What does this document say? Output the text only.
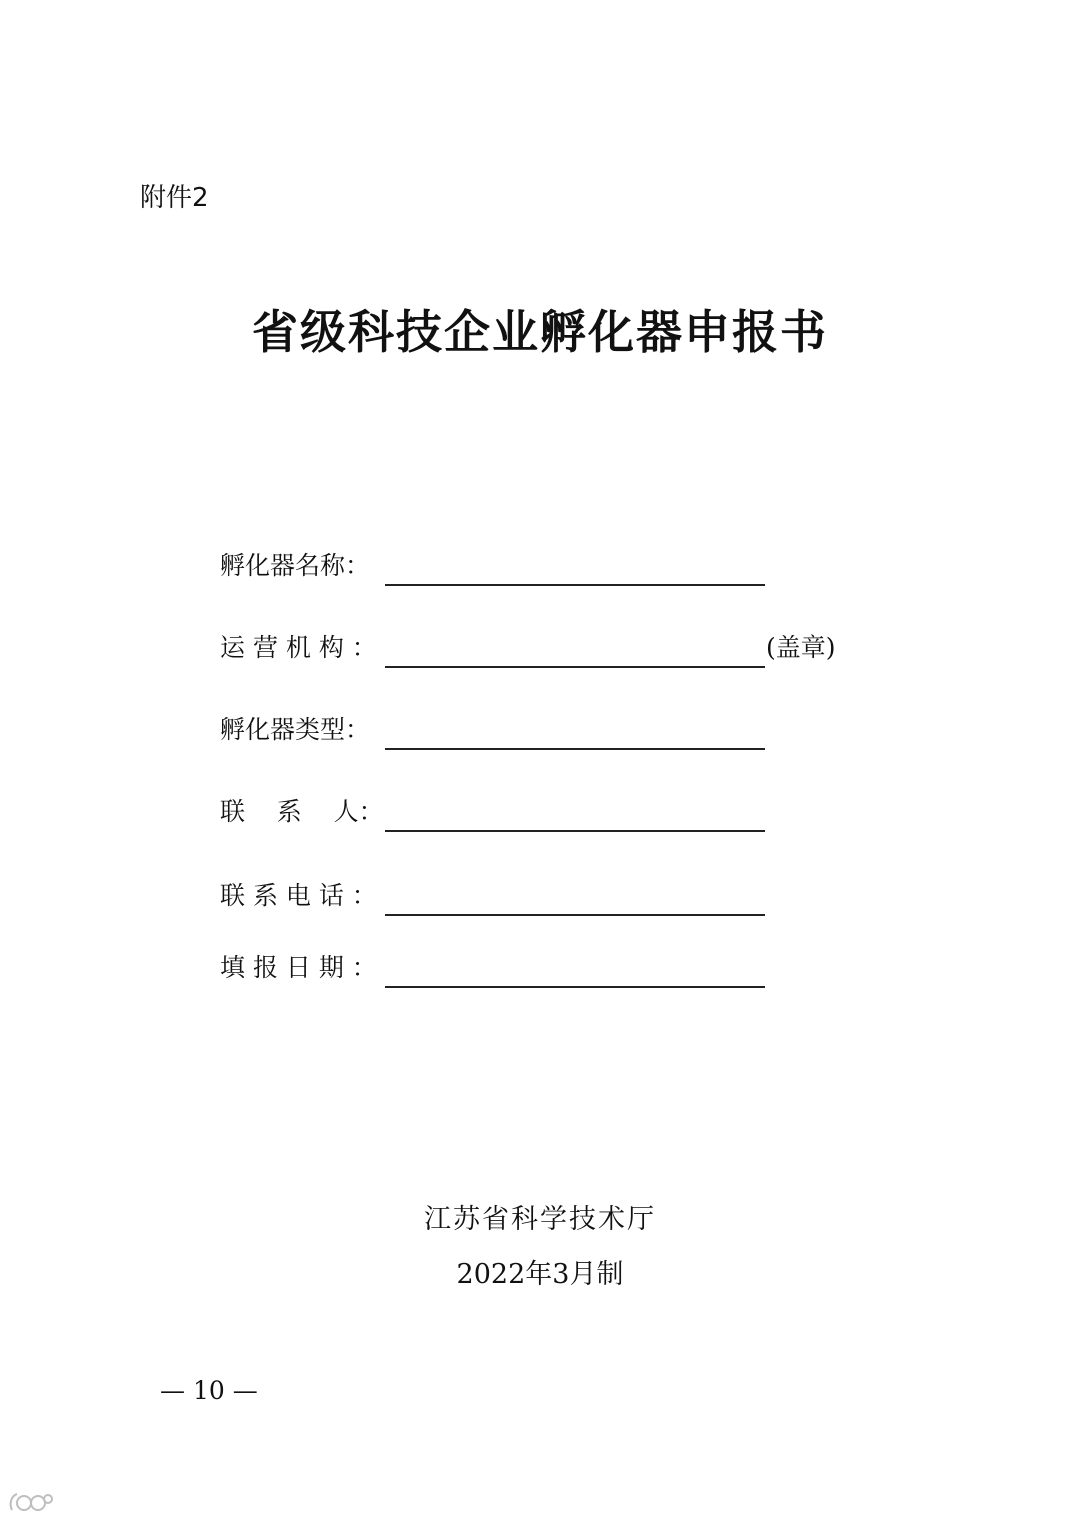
附件2
省级科技企业孵化器申报书
孵化器名称：
运 营 机 构 ：	(盖章)
孵化器类型：
联    系    人：
联 系 电 话 ：
填 报 日 期 ：
江苏省科学技术厅
2022年3月制
— 10 —
